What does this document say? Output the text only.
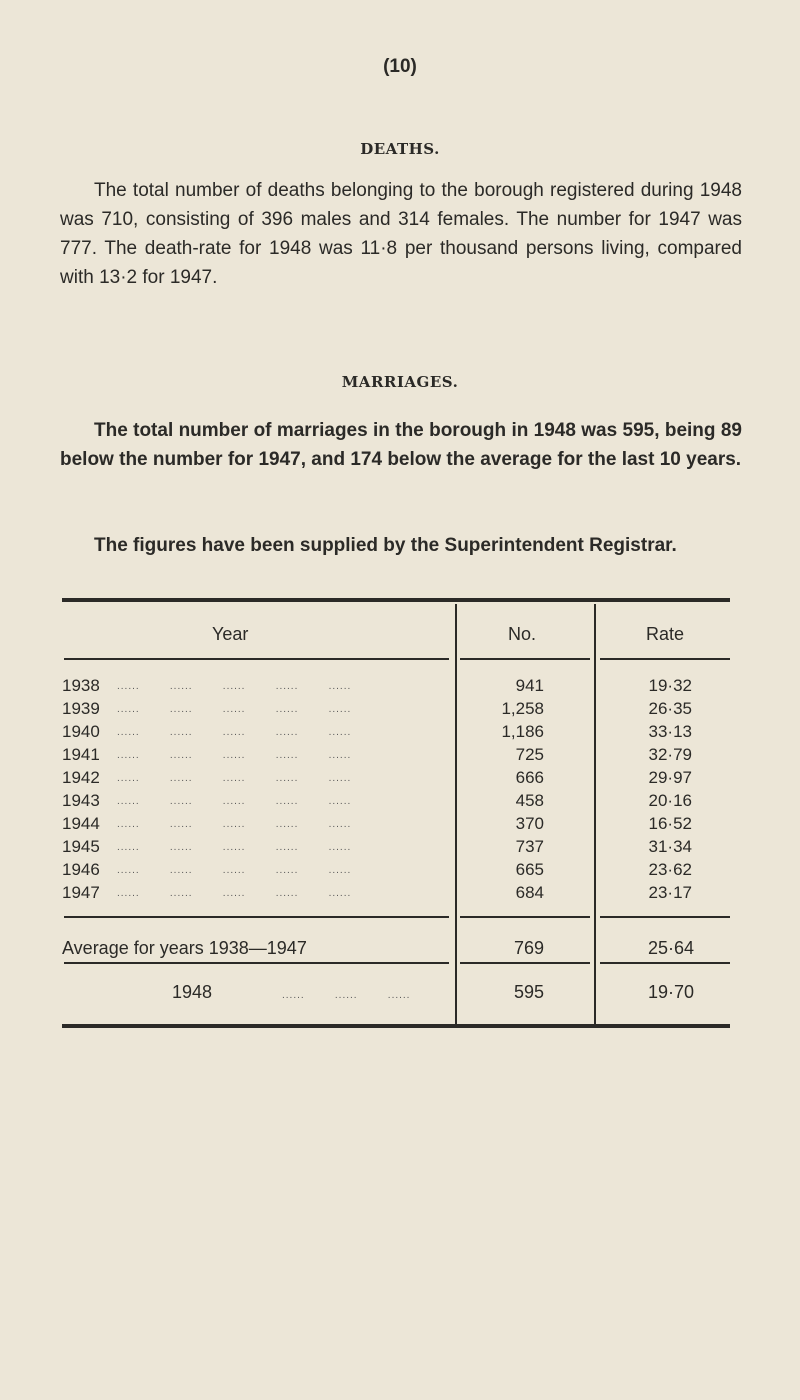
(10)
DEATHS.
The total number of deaths belonging to the borough registered during 1948 was 710, consisting of 396 males and 314 females. The number for 1947 was 777. The death-rate for 1948 was 11·8 per thousand persons living, compared with 13·2 for 1947.
MARRIAGES.
The total number of marriages in the borough in 1948 was 595, being 89 below the number for 1947, and 174 below the average for the last 10 years.
The figures have been supplied by the Superintendent Registrar.
Year	No.	Rate
1938	......        ......        ......        ......        ......	941	19·32
1939	......        ......        ......        ......        ......	1,258	26·35
1940	......        ......        ......        ......        ......	1,186	33·13
1941	......        ......        ......        ......        ......	725	32·79
1942	......        ......        ......        ......        ......	666	29·97
1943	......        ......        ......        ......        ......	458	20·16
1944	......        ......        ......        ......        ......	370	16·52
1945	......        ......        ......        ......        ......	737	31·34
1946	......        ......        ......        ......        ......	665	23·62
1947	......        ......        ......        ......        ......	684	23·17
Average for years 1938—1947	769	25·64
1948	......        ......        ......	595	19·70
